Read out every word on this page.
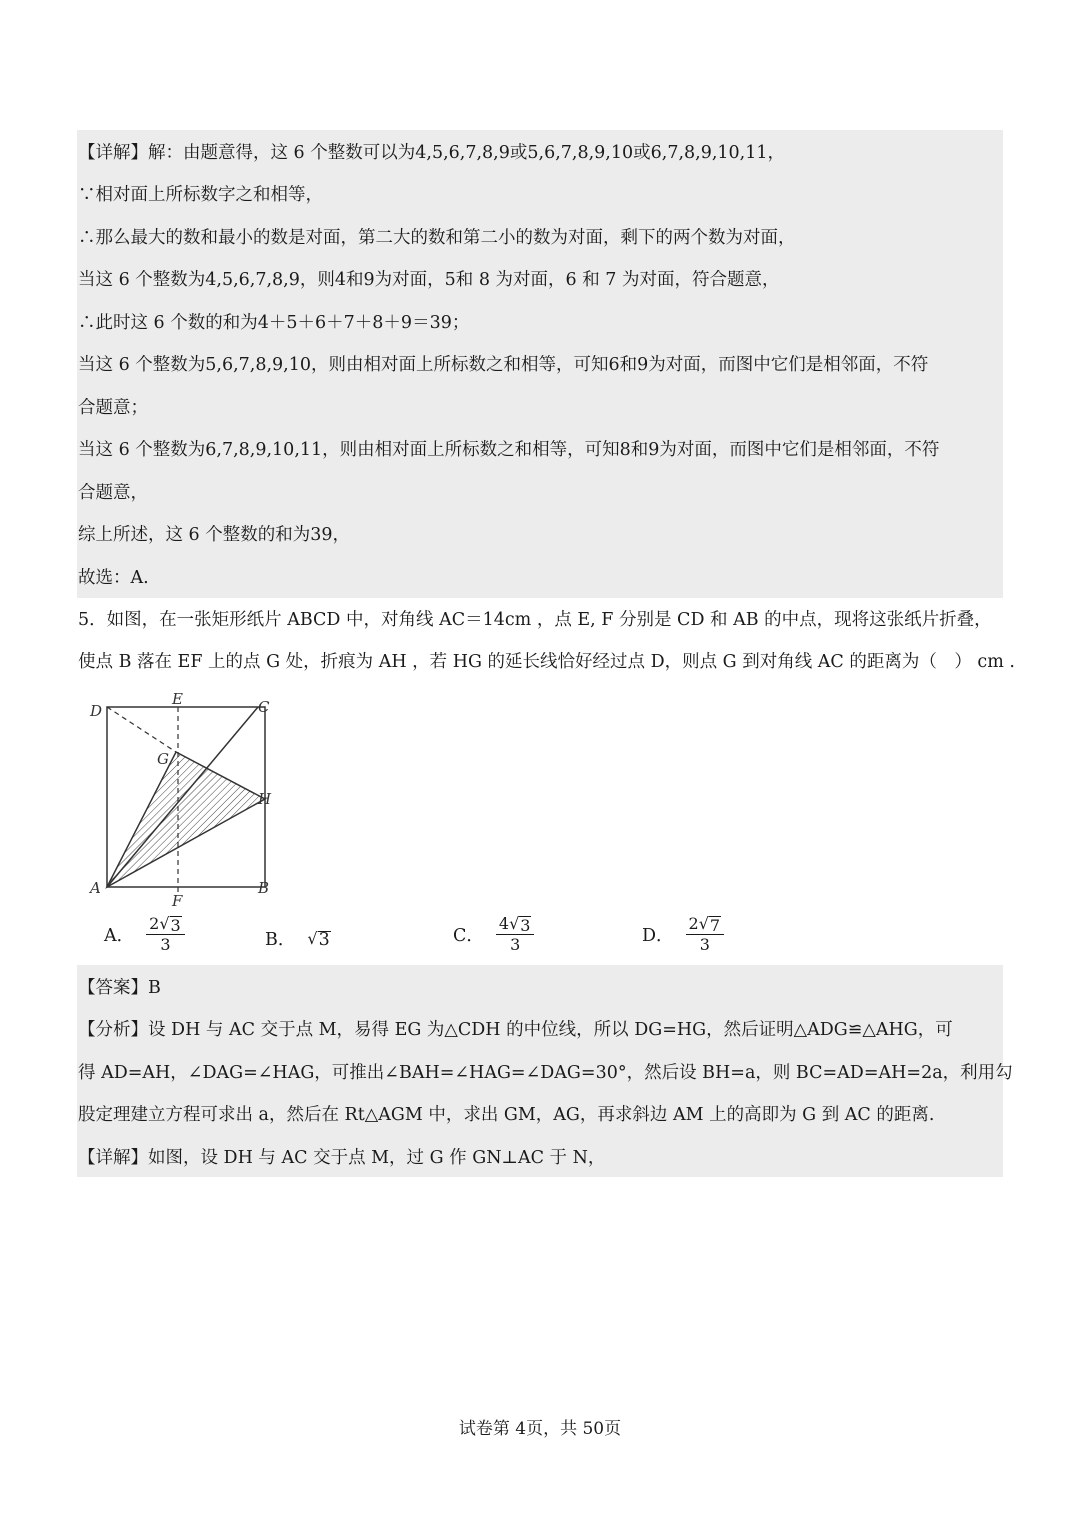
【详解】解：由题意得，这 6 个整数可以为4,5,6,7,8,9或5,6,7,8,9,10或6,7,8,9,10,11，
∵相对面上所标数字之和相等，
∴那么最大的数和最小的数是对面，第二大的数和第二小的数为对面，剩下的两个数为对面，
当这 6 个整数为4,5,6,7,8,9，则4和9为对面，5和 8 为对面，6 和 7 为对面，符合题意，
∴此时这 6 个数的和为4＋5＋6＋7＋8＋9＝39；
当这 6 个整数为5,6,7,8,9,10，则由相对面上所标数之和相等，可知6和9为对面，而图中它们是相邻面，不符
合题意；
当这 6 个整数为6,7,8,9,10,11，则由相对面上所标数之和相等，可知8和9为对面，而图中它们是相邻面，不符
合题意，
综上所述，这 6 个整数的和为39，
故选：A.
5．如图，在一张矩形纸片 ABCD 中，对角线 AC＝14cm ，点 E, F 分别是 CD 和 AB 的中点，现将这张纸片折叠，
使点 B 落在 EF 上的点 G 处，折痕为 AH ，若 HG 的延长线恰好经过点 D，则点 G 到对角线 AC 的距离为（　） cm .
D
E	C
G
H
A
F
B
A． $\frac{2 √ 3}{3}$	B． √ 3	C． $\frac{4 √ 3}{3}$	D． $\frac{2 √ 7}{3}$
【答案】B
【分析】设 DH 与 AC 交于点 M，易得 EG 为△CDH 的中位线，所以 DG=HG，然后证明△ADG≌△AHG，可
得 AD=AH，∠DAG=∠HAG，可推出∠BAH=∠HAG=∠DAG=30°，然后设 BH=a，则 BC=AD=AH=2a，利用勾
股定理建立方程可求出 a，然后在 Rt△AGM 中，求出 GM，AG，再求斜边 AM 上的高即为 G 到 AC 的距离.
【详解】如图，设 DH 与 AC 交于点 M，过 G 作 GN⊥AC 于 N，
试卷第 4页，共 50页
